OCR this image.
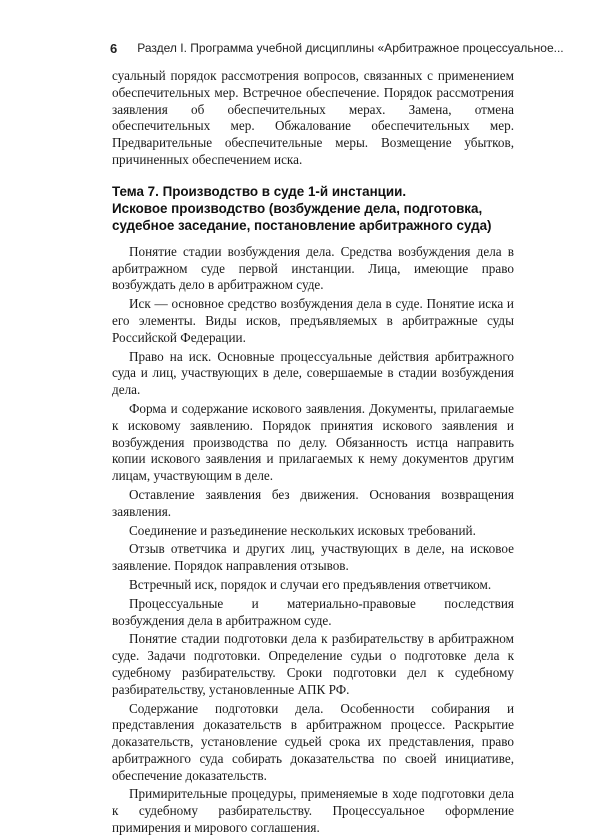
6 Раздел I. Программа учебной дисциплины «Арбитражное процессуальное...

суальный порядок рассмотрения вопросов, связанных с применением обеспечительных мер. Встречное обеспечение. Порядок рассмотрения заявления об обеспечительных мерах. Замена, отмена обеспечительных мер. Обжалование обеспечительных мер. Предварительные обеспечительные меры. Возмещение убытков, причиненных обеспечением иска.

Тема 7. Производство в суде 1-й инстанции.
Исковое производство (возбуждение дела, подготовка, судебное заседание, постановление арбитражного суда)

Понятие стадии возбуждения дела. Средства возбуждения дела в арбитражном суде первой инстанции. Лица, имеющие право возбуждать дело в арбитражном суде.

Иск — основное средство возбуждения дела в суде. Понятие иска и его элементы. Виды исков, предъявляемых в арбитражные суды Российской Федерации.

Право на иск. Основные процессуальные действия арбитражного суда и лиц, участвующих в деле, совершаемые в стадии возбуждения дела.

Форма и содержание искового заявления. Документы, прилагаемые к исковому заявлению. Порядок принятия искового заявления и возбуждения производства по делу. Обязанность истца направить копии искового заявления и прилагаемых к нему документов другим лицам, участвующим в деле.

Оставление заявления без движения. Основания возвращения заявления.

Соединение и разъединение нескольких исковых требований.

Отзыв ответчика и других лиц, участвующих в деле, на исковое заявление. Порядок направления отзывов.

Встречный иск, порядок и случаи его предъявления ответчиком.

Процессуальные и материально-правовые последствия возбуждения дела в арбитражном суде.

Понятие стадии подготовки дела к разбирательству в арбитражном суде. Задачи подготовки. Определение судьи о подготовке дела к судебному разбирательству. Сроки подготовки дел к судебному разбирательству, установленные АПК РФ.

Содержание подготовки дела. Особенности собирания и представления доказательств в арбитражном процессе. Раскрытие доказательств, установление судьей срока их представления, право арбитражного суда собирать доказательства по своей инициативе, обеспечение доказательств.

Примирительные процедуры, применяемые в ходе подготовки дела к судебному разбирательству. Процессуальное оформление примирения и мирового соглашения.
